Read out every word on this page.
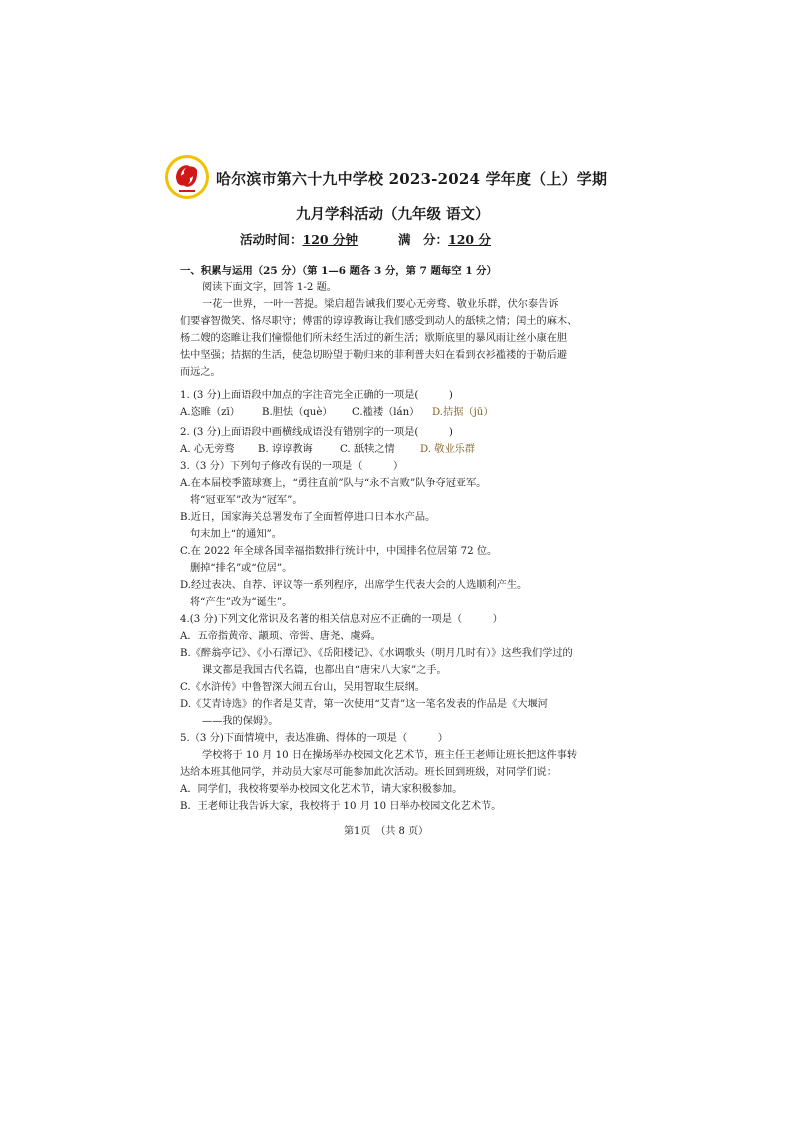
哈尔滨市第六十九中学校 2023-2024 学年度（上）学期
九月学科活动（九年级 语文）
活动时间：120 分钟	满　分：120 分
一、积累与运用（25 分）（第 1—6 题各 3 分，第 7 题每空 1 分）
阅读下面文字，回答 1-2 题。
一花一世界，一叶一菩提。梁启超告诫我们要心无旁骛、敬业乐群，伏尔泰告诉
们要睿智微笑、恪尽职守；傅雷的谆谆教诲让我们感受到动人的舐犊之情；闰土的麻木、
杨二嫂的恣睢让我们憧憬他们所未经生活过的新生活；歇斯底里的暴风雨让丝小康在胆
怯中坚强；拮据的生活，使急切盼望于勒归来的菲利普夫妇在看到衣衫褴褛的于勒后避
而远之。
1. (3 分)上面语段中加点的字注音完全正确的一项是(　　　)
A.恣睢（zī） B.胆怯（què） C.褴褛（lán） D.拮据（jū）
2. (3 分)上面语段中画横线成语没有错别字的一项是(　　　)
A. 心无旁骛 B. 谆谆教诲	C. 舐犊之情 D. 敬业乐群
3.（3 分）下列句子修改有误的一项是（　　　）
A.在本届校季篮球赛上，“勇往直前”队与“永不言败”队争夺冠亚军。
将“冠亚军”改为“冠军”。
B.近日，国家海关总署发布了全面暂停进口日本水产品。
句末加上“的通知”。
C.在 2022 年全球各国幸福指数排行统计中，中国排名位居第 72 位。
删掉“排名”或“位居”。
D.经过表决、自荐、评议等一系列程序，出席学生代表大会的人选顺利产生。
将“产生”改为“诞生”。
4.(3 分)下列文化常识及名著的相关信息对应不正确的一项是（　　　）
A．五帝指黄帝、颛顼、帝喾、唐尧、虞舜。
B.《醉翁亭记》、《小石潭记》、《岳阳楼记》、《水调歌头（明月几时有）》这些我们学过的
课文都是我国古代名篇，也都出自“唐宋八大家”之手。
C.《水浒传》中鲁智深大闹五台山，吴用智取生辰纲。
D.《艾青诗选》的作者是艾青，第一次使用“艾青”这一笔名发表的作品是《大堰河
——我的保姆》。
5.（3 分)下面情境中，表达准确、得体的一项是（　　　）
学校将于 10 月 10 日在操场举办校园文化艺术节，班主任王老师让班长把这件事转
达给本班其他同学，并动员大家尽可能参加此次活动。班长回到班级，对同学们说：
A．同学们，我校将要举办校园文化艺术节，请大家积极参加。
B．王老师让我告诉大家，我校将于 10 月 10 日举办校园文化艺术节。
第1页　（共 8 页）
